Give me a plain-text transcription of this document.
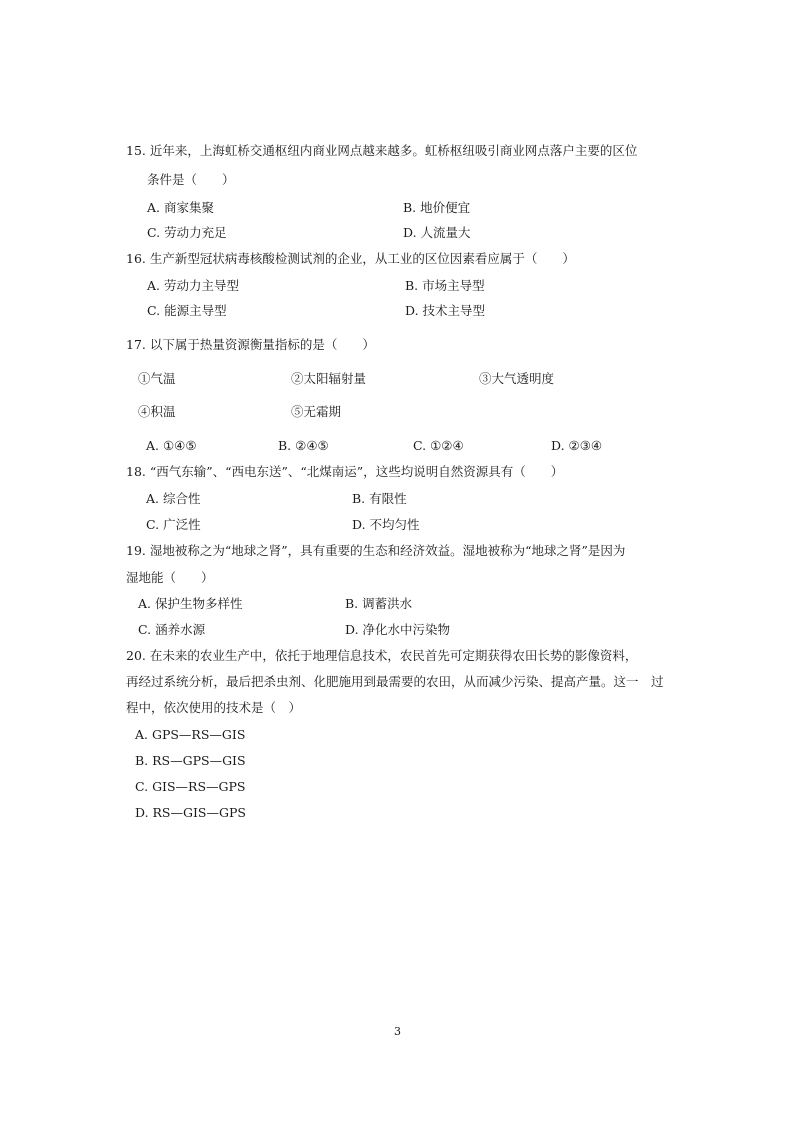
15. 近年来，上海虹桥交通枢纽内商业网点越来越多。虹桥枢纽吸引商业网点落户主要的区位
条件是（　　）
A. 商家集聚	B. 地价便宜
C. 劳动力充足	D. 人流量大
16. 生产新型冠状病毒核酸检测试剂的企业，从工业的区位因素看应属于（　　）
A. 劳动力主导型	B. 市场主导型
C. 能源主导型	D. 技术主导型
17. 以下属于热量资源衡量指标的是（　　）
①气温	②太阳辐射量	③大气透明度
④积温	⑤无霜期
A. ①④⑤	B. ②④⑤	C. ①②④	D. ②③④
18. “西气东输”、“西电东送”、“北煤南运”，这些均说明自然资源具有（　　）
A. 综合性	B. 有限性
C. 广泛性	D. 不均匀性
19. 湿地被称之为“地球之肾”，具有重要的生态和经济效益。湿地被称为“地球之肾”是因为
湿地能（　　）
A. 保护生物多样性	B. 调蓄洪水
C. 涵养水源	D. 净化水中污染物
20. 在未来的农业生产中，依托于地理信息技术，农民首先可定期获得农田长势的影像资料，
再经过系统分析，最后把杀虫剂、化肥施用到最需要的农田，从而减少污染、提高产量。这一　过
程中，依次使用的技术是（　）
A. GPS—RS—GIS
B. RS—GPS—GIS
C. GIS—RS—GPS
D. RS—GIS—GPS
3
